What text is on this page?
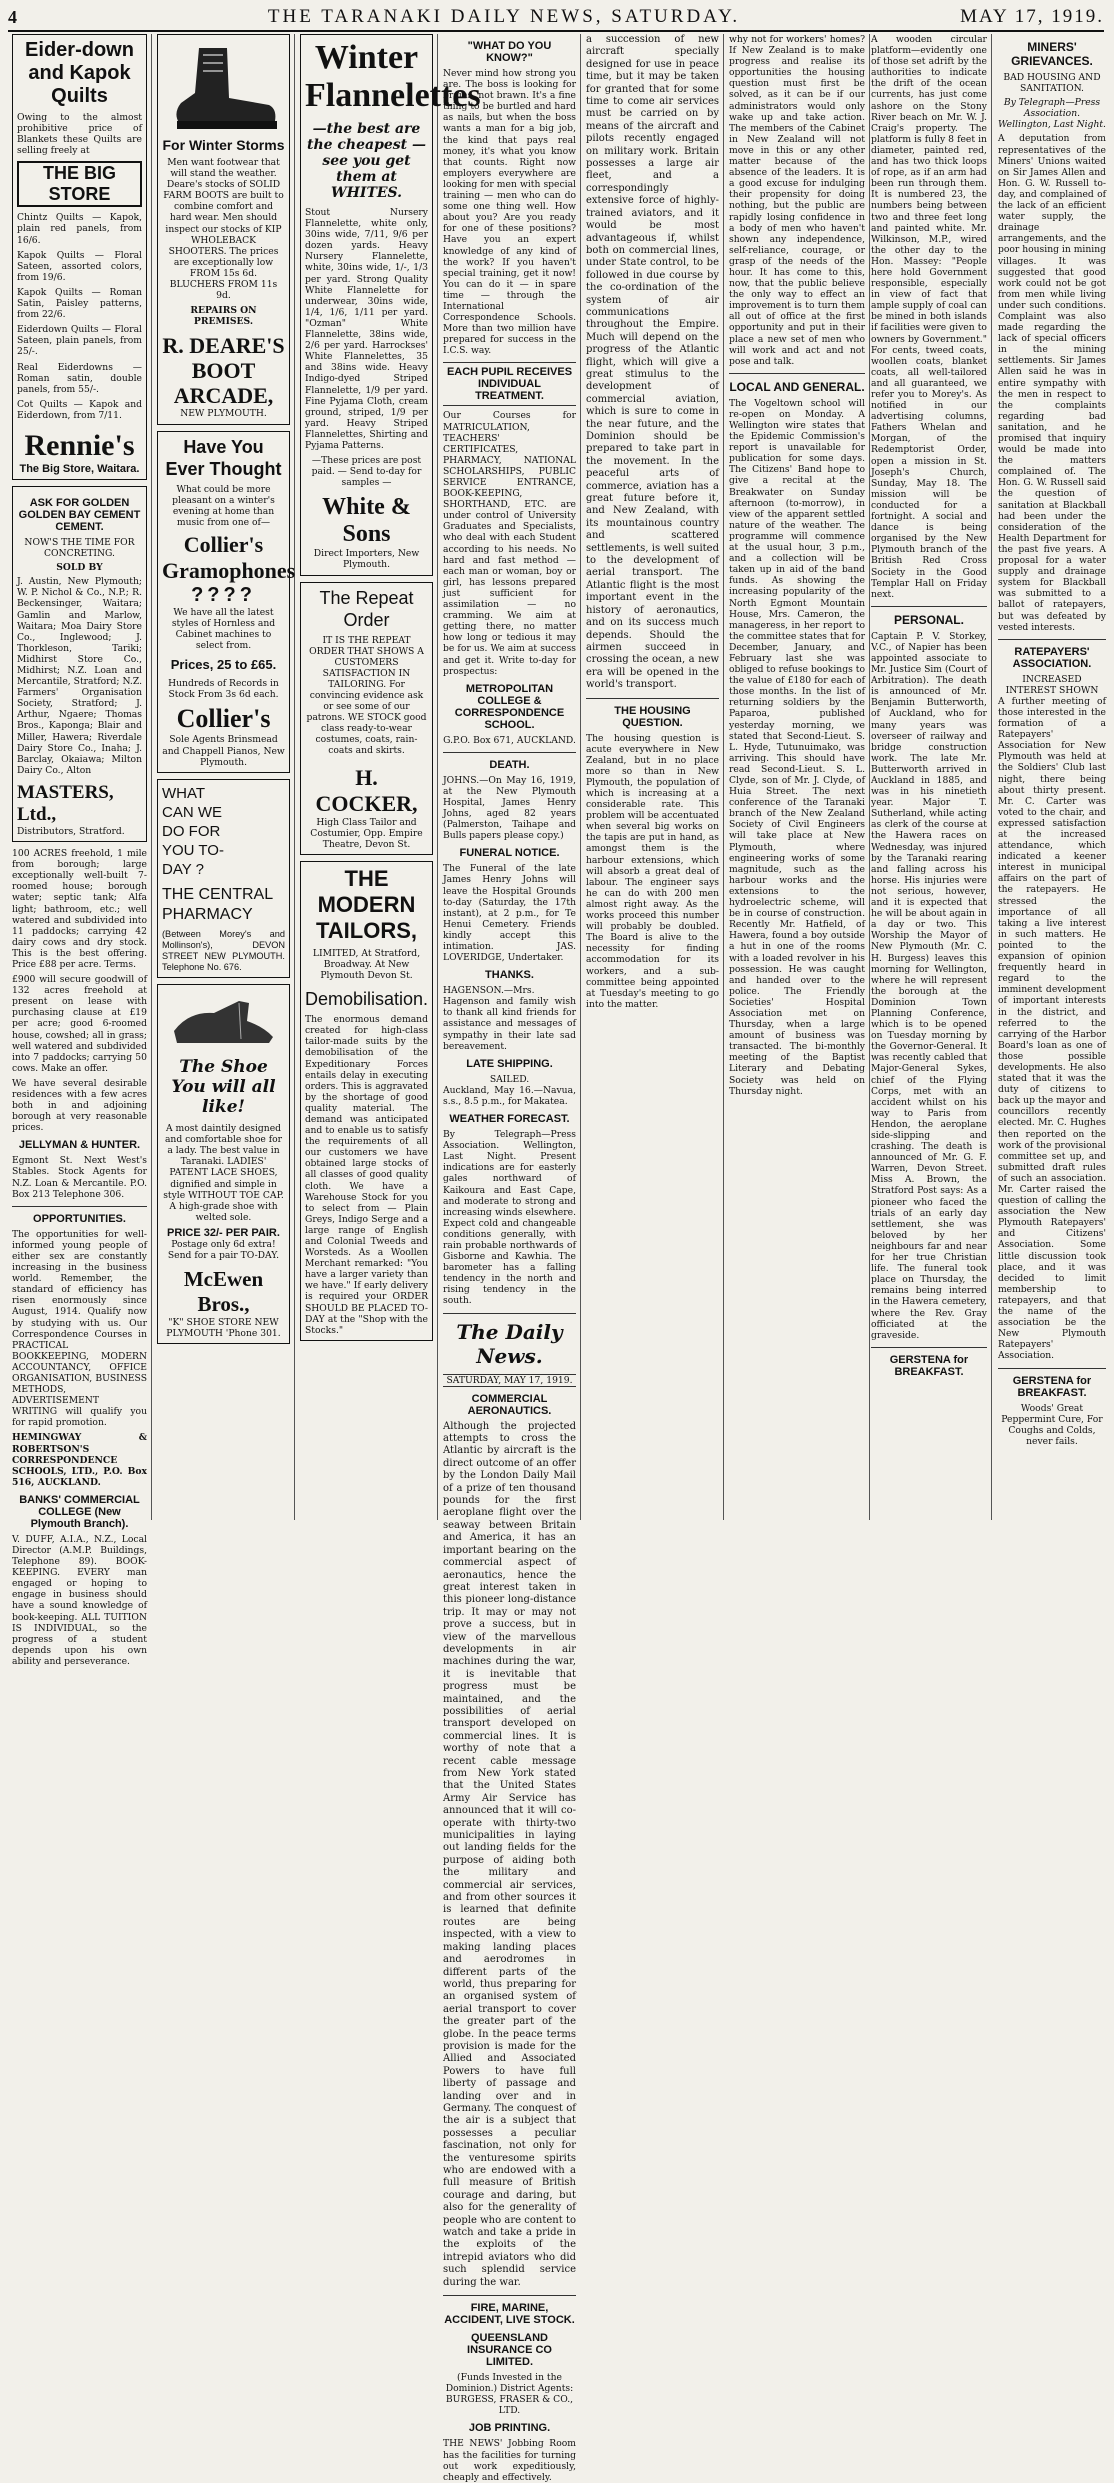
4	THE TARANAKI DAILY NEWS, SATURDAY.	MAY 17, 1919.
Eider-down and Kapok Quilts
Owing to the almost prohibitive price of Blankets these Quilts are selling freely at
THE BIG STORE
Chintz Quilts — Kapok, plain red panels, from 16/6.
Kapok Quilts — Floral Sateen, assorted colors, from 19/6.
Kapok Quilts — Roman Satin, Paisley patterns, from 22/6.
Eiderdown Quilts — Floral Sateen, plain panels, from 25/-.
Real Eiderdowns — Roman satin, double panels, from 55/-.
Cot Quilts — Kapok and Eiderdown, from 7/11.
Rennie's
The Big Store, Waitara.
ASK FOR GOLDEN GOLDEN BAY CEMENT CEMENT.
NOW'S THE TIME FOR CONCRETING.
SOLD BY
J. Austin, New Plymouth; W. P. Nichol & Co., N.P.; R. Beckensinger, Waitara; Gamlin and Marlow, Waitara; Moa Dairy Store Co., Inglewood; J. Thorkleson, Tariki; Midhirst Store Co., Midhirst; N.Z. Loan and Mercantile, Stratford; N.Z. Farmers' Organisation Society, Stratford; J. Arthur, Ngaere; Thomas Bros., Kaponga; Blair and Miller, Hawera; Riverdale Dairy Store Co., Inaha; J. Barclay, Okaiawa; Milton Dairy Co., Alton
MASTERS, Ltd.,
Distributors, Stratford.
100 ACRES freehold, 1 mile from borough; large exceptionally well-built 7-roomed house; borough water; septic tank; Alfa light; bathroom, etc.; well watered and subdivided into 11 paddocks; carrying 42 dairy cows and dry stock. This is the best offering. Price £88 per acre. Terms.
£900 will secure goodwill of 132 acres freehold at present on lease with purchasing clause at £19 per acre; good 6-roomed house, cowshed; all in grass; well watered and subdivided into 7 paddocks; carrying 50 cows. Make an offer.
We have several desirable residences with a few acres both in and adjoining borough at very reasonable prices.
JELLYMAN & HUNTER.
Egmont St. Next West's Stables. Stock Agents for N.Z. Loan & Mercantile. P.O. Box 213 Telephone 306.
OPPORTUNITIES.
The opportunities for well-informed young people of either sex are constantly increasing in the business world. Remember, the standard of efficiency has risen enormously since August, 1914. Qualify now by studying with us. Our Correspondence Courses in PRACTICAL BOOKKEEPING, MODERN ACCOUNTANCY, OFFICE ORGANISATION, BUSINESS METHODS, ADVERTISEMENT WRITING will qualify you for rapid promotion.
HEMINGWAY & ROBERTSON'S CORRESPONDENCE SCHOOLS, LTD., P.O. Box 516, AUCKLAND.
BANKS' COMMERCIAL COLLEGE (New Plymouth Branch).
V. DUFF, A.I.A., N.Z., Local Director (A.M.P. Buildings, Telephone 89). BOOK-KEEPING. EVERY man engaged or hoping to engage in business should have a sound knowledge of book-keeping. ALL TUITION IS INDIVIDUAL, so the progress of a student depends upon his own ability and perseverance.
For Winter Storms
Men want footwear that will stand the weather. Deare's stocks of SOLID FARM BOOTS are built to combine comfort and hard wear. Men should inspect our stocks of KIP WHOLEBACK SHOOTERS. The prices are exceptionally low FROM 15s 6d. BLUCHERS FROM 11s 9d.
REPAIRS ON PREMISES.
R. DEARE'S BOOT ARCADE,
NEW PLYMOUTH.
Have You Ever Thought
What could be more pleasant on a winter's evening at home than music from one of—
Collier's Gramophones
????
We have all the latest styles of Hornless and Cabinet machines to select from.
Prices, 25 to £65.
Hundreds of Records in Stock From 3s 6d each.
Collier's
Sole Agents Brinsmead and Chappell Pianos, New Plymouth.
WHAT CAN WE DO FOR YOU TO-DAY ?
THE CENTRAL PHARMACY
(Between Morey's and Mollinson's), DEVON STREET NEW PLYMOUTH. Telephone No. 676.
The Shoe You will all like!
A most daintily designed and comfortable shoe for a lady. The best value in Taranaki. LADIES' PATENT LACE SHOES, dignified and simple in style WITHOUT TOE CAP. A high-grade shoe with welted sole.
PRICE 32/- PER PAIR.
Postage only 6d extra! Send for a pair TO-DAY.
McEwen Bros.,
"K" SHOE STORE NEW PLYMOUTH 'Phone 301.
Winter Flannelettes
—the best are the cheapest — see you get them at WHITES.
Stout Nursery Flannelette, white only, 30ins wide, 7/11, 9/6 per dozen yards. Heavy Nursery Flannelette, white, 30ins wide, 1/-, 1/3 per yard. Strong Quality White Flannelette for underwear, 30ins wide, 1/4, 1/6, 1/11 per yard. "Ozman" White Flannelette, 38ins wide, 2/6 per yard. Harrockses' White Flannelettes, 35 and 38ins wide. Heavy Indigo-dyed Striped Flannelette, 1/9 per yard. Fine Pyjama Cloth, cream ground, striped, 1/9 per yard. Heavy Striped Flannelettes, Shirting and Pyjama Patterns.
—These prices are post paid. — Send to-day for samples —
White & Sons
Direct Importers, New Plymouth.
The Repeat Order
IT IS THE REPEAT ORDER THAT SHOWS A CUSTOMERS SATISFACTION IN TAILORING. For convincing evidence ask or see some of our patrons. WE STOCK good class ready-to-wear costumes, coats, rain-coats and skirts.
H. COCKER,
High Class Tailor and Costumier, Opp. Empire Theatre, Devon St.
THE MODERN TAILORS,
LIMITED, At Stratford, Broadway. At New Plymouth Devon St.
Demobilisation.
The enormous demand created for high-class tailor-made suits by the demobilisation of the Expeditionary Forces entails delay in executing orders. This is aggravated by the shortage of good quality material. The demand was anticipated and to enable us to satisfy the requirements of all our customers we have obtained large stocks of all classes of good quality cloth. We have a Warehouse Stock for you to select from — Plain Greys, Indigo Serge and a large range of English and Colonial Tweeds and Worsteds. As a Woollen Merchant remarked: "You have a larger variety than we have." If early delivery is required your ORDER SHOULD BE PLACED TO-DAY at the "Shop with the Stocks."
"WHAT DO YOU KNOW?"
Never mind how strong you are. The boss is looking for brains, not brawn. It's a fine thing to be burtled and hard as nails, but when the boss wants a man for a big job, the kind that pays real money, it's what you know that counts. Right now employers everywhere are looking for men with special training — men who can do some one thing well. How about you? Are you ready for one of these positions? Have you an expert knowledge of any kind of the work? If you haven't special training, get it now! You can do it — in spare time — through the International Correspondence Schools. More than two million have prepared for success in the I.C.S. way.
EACH PUPIL RECEIVES INDIVIDUAL TREATMENT.
Our Courses for MATRICULATION, TEACHERS' CERTIFICATES, PHARMACY, NATIONAL SCHOLARSHIPS, PUBLIC SERVICE ENTRANCE, BOOK-KEEPING, SHORTHAND, ETC. are under control of University Graduates and Specialists, who deal with each Student according to his needs. No hard and fast method — each man or woman, boy or girl, has lessons prepared just sufficient for assimilation — no cramming. We aim at getting there, no matter how long or tedious it may be for us. We aim at success and get it. Write to-day for prospectus:
METROPOLITAN COLLEGE & CORRESPONDENCE SCHOOL.
G.P.O. Box 671, AUCKLAND.
DEATH.
JOHNS.—On May 16, 1919, at the New Plymouth Hospital, James Henry Johns, aged 82 years (Palmerston, Taihape and Bulls papers please copy.)
FUNERAL NOTICE.
The Funeral of the late James Henry Johns will leave the Hospital Grounds to-day (Saturday, the 17th instant), at 2 p.m., for Te Henui Cemetery. Friends kindly accept this intimation. JAS. LOVERIDGE, Undertaker.
THANKS.
HAGENSON.—Mrs. Hagenson and family wish to thank all kind friends for assistance and messages of sympathy in their late sad bereavement.
LATE SHIPPING.
SAILED.
Auckland, May 16.—Navua, s.s., 8.5 p.m., for Makatea.
WEATHER FORECAST.
By Telegraph—Press Association. Wellington, Last Night. Present indications are for easterly gales northward of Kaikoura and East Cape, and moderate to strong and increasing winds elsewhere. Expect cold and changeable conditions generally, with rain probable northwards of Gisborne and Kawhia. The barometer has a falling tendency in the north and rising tendency in the south.
The Daily News.
SATURDAY, MAY 17, 1919.
COMMERCIAL AERONAUTICS.
Although the projected attempts to cross the Atlantic by aircraft is the direct outcome of an offer by the London Daily Mail of a prize of ten thousand pounds for the first aeroplane flight over the seaway between Britain and America, it has an important bearing on the commercial aspect of aeronautics, hence the great interest taken in this pioneer long-distance trip. It may or may not prove a success, but in view of the marvellous developments in air machines during the war, it is inevitable that progress must be maintained, and the possibilities of aerial transport developed on commercial lines. It is worthy of note that a recent cable message from New York stated that the United States Army Air Service has announced that it will co-operate with thirty-two municipalities in laying out landing fields for the purpose of aiding both the military and commercial air services, and from other sources it is learned that definite routes are being inspected, with a view to making landing places and aerodromes in different parts of the world, thus preparing for an organised system of aerial transport to cover the greater part of the globe. In the peace terms provision is made for the Allied and Associated Powers to have full liberty of passage and landing over and in Germany. The conquest of the air is a subject that possesses a peculiar fascination, not only for the venturesome spirits who are endowed with a full measure of British courage and daring, but also for the generality of people who are content to watch and take a pride in the exploits of the intrepid aviators who did such splendid service during the war.
FIRE, MARINE, ACCIDENT, LIVE STOCK.
QUEENSLAND INSURANCE CO LIMITED.
(Funds Invested in the Dominion.) District Agents: BURGESS, FRASER & CO., LTD.
JOB PRINTING.
THE NEWS' Jobbing Room has the facilities for turning out work expeditiously, cheaply and effectively.
a succession of new aircraft specially designed for use in peace time, but it may be taken for granted that for some time to come air services must be carried on by means of the aircraft and pilots recently engaged on military work. Britain possesses a large air fleet, and a correspondingly extensive force of highly-trained aviators, and it would be most advantageous if, whilst both on commercial lines, under State control, to be followed in due course by the co-ordination of the system of air communications throughout the Empire. Much will depend on the progress of the Atlantic flight, which will give a great stimulus to the development of commercial aviation, which is sure to come in the near future, and the Dominion should be prepared to take part in the movement. In the peaceful arts of commerce, aviation has a great future before it, and New Zealand, with its mountainous country and scattered settlements, is well suited to the development of aerial transport. The Atlantic flight is the most important event in the history of aeronautics, and on its success much depends. Should the airmen succeed in crossing the ocean, a new era will be opened in the world's transport.
THE HOUSING QUESTION.
The housing question is acute everywhere in New Zealand, but in no place more so than in New Plymouth, the population of which is increasing at a considerable rate. This problem will be accentuated when several big works on the tapis are put in hand, as amongst them is the harbour extensions, which will absorb a great deal of labour. The engineer says he can do with 200 men almost right away. As the works proceed this number will probably be doubled. The Board is alive to the necessity for finding accommodation for its workers, and a sub-committee being appointed at Tuesday's meeting to go into the matter.
why not for workers' homes? If New Zealand is to make progress and realise its opportunities the housing question must first be solved, as it can be if our administrators would only wake up and take action. The members of the Cabinet in New Zealand will not move in this or any other matter because of the absence of the leaders. It is a good excuse for indulging their propensity for doing nothing, but the public are rapidly losing confidence in a body of men who haven't shown any independence, self-reliance, courage, or grasp of the needs of the hour. It has come to this, now, that the public believe the only way to effect an improvement is to turn them all out of office at the first opportunity and put in their place a new set of men who will work and act and not pose and talk.
LOCAL AND GENERAL.
The Vogeltown school will re-open on Monday. A Wellington wire states that the Epidemic Commission's report is unavailable for publication for some days. The Citizens' Band hope to give a recital at the Breakwater on Sunday afternoon (to-morrow), in view of the apparent settled nature of the weather. The programme will commence at the usual hour, 3 p.m., and a collection will be taken up in aid of the band funds. As showing the increasing popularity of the North Egmont Mountain House, Mrs. Cameron, the manageress, in her report to the committee states that for December, January, and February last she was obliged to refuse bookings to the value of £180 for each of those months. In the list of returning soldiers by the Paparoa, published yesterday morning, we stated that Second-Lieut. S. L. Hyde, Tutunuimako, was arriving. This should have read Second-Lieut. S. L. Clyde, son of Mr. J. Clyde, of Huia Street. The next conference of the Taranaki branch of the New Zealand Society of Civil Engineers will take place at New Plymouth, where engineering works of some magnitude, such as the harbour works and the extensions to the hydroelectric scheme, will be in course of construction. Recently Mr. Hatfield, of Hawera, found a boy outside a hut in one of the rooms with a loaded revolver in his possession. He was caught and handed over to the police. The Friendly Societies' Hospital Association met on Thursday, when a large amount of business was transacted. The bi-monthly meeting of the Baptist Literary and Debating Society was held on Thursday night.
A wooden circular platform—evidently one of those set adrift by the authorities to indicate the drift of the ocean currents, has just come ashore on the Stony River beach on Mr. W. J. Craig's property. The platform is fully 8 feet in diameter, painted red, and has two thick loops of rope, as if an arm had been run through them. It is numbered 23, the numbers being between two and three feet long and painted white. Mr. Wilkinson, M.P., wired the other day to the Hon. Massey: "People here hold Government responsible, especially in view of fact that ample supply of coal can be mined in both islands if facilities were given to owners by Government." For cents, tweed coats, woollen coats, blanket coats, all well-tailored and all guaranteed, we refer you to Morey's. As notified in our advertising columns, Fathers Whelan and Morgan, of the Redemptorist Order, open a mission in St. Joseph's Church, Sunday, May 18. The mission will be conducted for a fortnight. A social and dance is being organised by the New Plymouth branch of the British Red Cross Society in the Good Templar Hall on Friday next.
PERSONAL.
Captain P. V. Storkey, V.C., of Napier has been appointed associate to Mr. Justice Sim (Court of Arbitration). The death is announced of Mr. Benjamin Butterworth, of Auckland, who for many years was overseer of railway and bridge construction work. The late Mr. Butterworth arrived in Auckland in 1885, and was in his ninetieth year. Major T. Sutherland, while acting as clerk of the course at the Hawera races on Wednesday, was injured by the Taranaki rearing and falling across his horse. His injuries were not serious, however, and it is expected that he will be about again in a day or two. This Worship the Mayor of New Plymouth (Mr. C. H. Burgess) leaves this morning for Wellington, where he will represent the borough at the Dominion Town Planning Conference, which is to be opened on Tuesday morning by the Governor-General. It was recently cabled that Major-General Sykes, chief of the Flying Corps, met with an accident whilst on his way to Paris from Hendon, the aeroplane side-slipping and crashing. The death is announced of Mr. G. F. Warren, Devon Street. Miss A. Brown, the Stratford Post says: As a pioneer who faced the trials of an early day settlement, she was beloved by her neighbours far and near for her true Christian life. The funeral took place on Thursday, the remains being interred in the Hawera cemetery, where the Rev. Gray officiated at the graveside.
GERSTENA for BREAKFAST.
MINERS' GRIEVANCES.
BAD HOUSING AND SANITATION.
By Telegraph—Press Association. Wellington, Last Night.
A deputation from representatives of the Miners' Unions waited on Sir James Allen and Hon. G. W. Russell to-day, and complained of the lack of an efficient water supply, the drainage arrangements, and the poor housing in mining villages. It was suggested that good work could not be got from men while living under such conditions. Complaint was also made regarding the lack of special officers in the mining settlements. Sir James Allen said he was in entire sympathy with the men in respect to the complaints regarding bad sanitation, and he promised that inquiry would be made into the matters complained of. The Hon. G. W. Russell said the question of sanitation at Blackball had been under the consideration of the Health Department for the past five years. A proposal for a water supply and drainage system for Blackball was submitted to a ballot of ratepayers, but was defeated by vested interests.
RATEPAYERS' ASSOCIATION.
INCREASED INTEREST SHOWN
A further meeting of those interested in the formation of a Ratepayers' Association for New Plymouth was held at the Soldiers' Club last night, there being about thirty present. Mr. C. Carter was voted to the chair, and expressed satisfaction at the increased attendance, which indicated a keener interest in municipal affairs on the part of the ratepayers. He stressed the importance of all taking a live interest in such matters. He pointed to the expansion of opinion frequently heard in regard to the imminent development of important interests in the district, and referred to the carrying of the Harbor Board's loan as one of those possible developments. He also stated that it was the duty of citizens to back up the mayor and councillors recently elected. Mr. C. Hughes then reported on the work of the provisional committee set up, and submitted draft rules of such an association. Mr. Carter raised the question of calling the association the New Plymouth Ratepayers' and Citizens' Association. Some little discussion took place, and it was decided to limit membership to ratepayers, and that the name of the association be the New Plymouth Ratepayers' Association.
GERSTENA for BREAKFAST.
Woods' Great Peppermint Cure, For Coughs and Colds, never fails.
